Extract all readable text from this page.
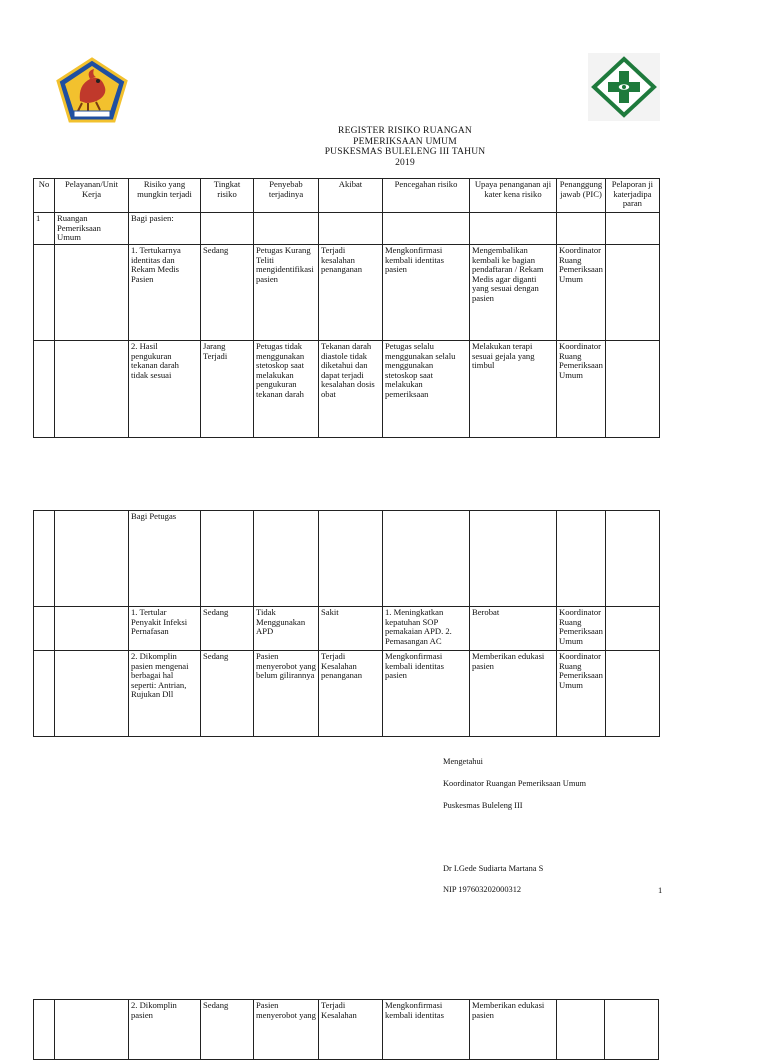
REGISTER RISIKO RUANGAN
PEMERIKSAAN UMUM
PUSKESMAS BULELENG III TAHUN
2019
No	Pelayanan/Unit Kerja	Risiko yang mungkin terjadi	Tingkat risiko	Penyebab terjadinya	Akibat	Pencegahan risiko	Upaya penanganan aji kater kena risiko	Penanggung jawab (PIC)	Pelaporan ji katerjadipa paran
1	Ruangan Pemeriksaan Umum	Bagi pasien:							
		1. Tertukarnya identitas dan Rekam Medis Pasien	Sedang	Petugas Kurang Teliti mengidentifikasi pasien	Terjadi kesalahan penanganan	Mengkonfirmasi kembali identitas pasien	Mengembalikan kembali ke bagian pendaftaran / Rekam Medis agar diganti yang sesuai dengan pasien	Koordinator Ruang Pemeriksaan Umum	
		2. Hasil pengukuran tekanan darah tidak sesuai	Jarang Terjadi	Petugas tidak menggunakan stetoskop saat melakukan pengukuran tekanan darah	Tekanan darah diastole tidak diketahui dan dapat terjadi kesalahan dosis obat	Petugas selalu menggunakan selalu menggunakan stetoskop saat melakukan pemeriksaan	Melakukan terapi sesuai gejala yang timbul	Koordinator Ruang Pemeriksaan Umum	
		Bagi Petugas							
		1. Tertular Penyakit Infeksi Pernafasan	Sedang	Tidak Menggunakan APD	Sakit	1. Meningkatkan kepatuhan SOP pemakaian APD. 2. Pemasangan AC	Berobat	Koordinator Ruang Pemeriksaan Umum	
		2. Dikomplin pasien mengenai berbagai hal seperti: Antrian, Rujukan Dll	Sedang	Pasien menyerobot yang belum gilirannya	Terjadi Kesalahan penanganan	Mengkonfirmasi kembali identitas pasien	Memberikan edukasi pasien	Koordinator Ruang Pemeriksaan Umum	
Mengetahui
Koordinator Ruangan Pemeriksaan Umum
Puskesmas Buleleng III
Dr I.Gede Sudiarta Martana S
NIP 197603202000312	1
		2. Dikomplin pasien	Sedang	Pasien menyerobot yang	Terjadi Kesalahan	Mengkonfirmasi kembali identitas	Memberikan edukasi pasien		
